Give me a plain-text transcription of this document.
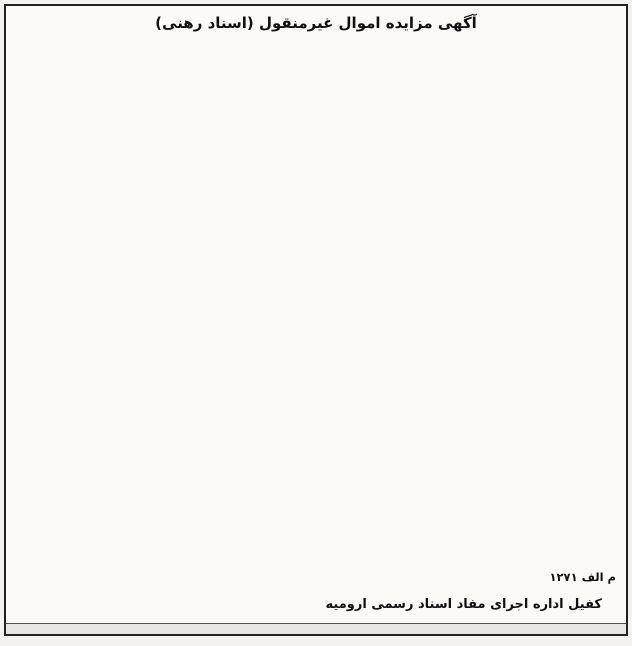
آگهی مزایده اموال غیرمنقول (اسناد رهنی)
م الف ۱۲۷۱
کفیل اداره اجرای مفاد اسناد رسمی ارومیه
